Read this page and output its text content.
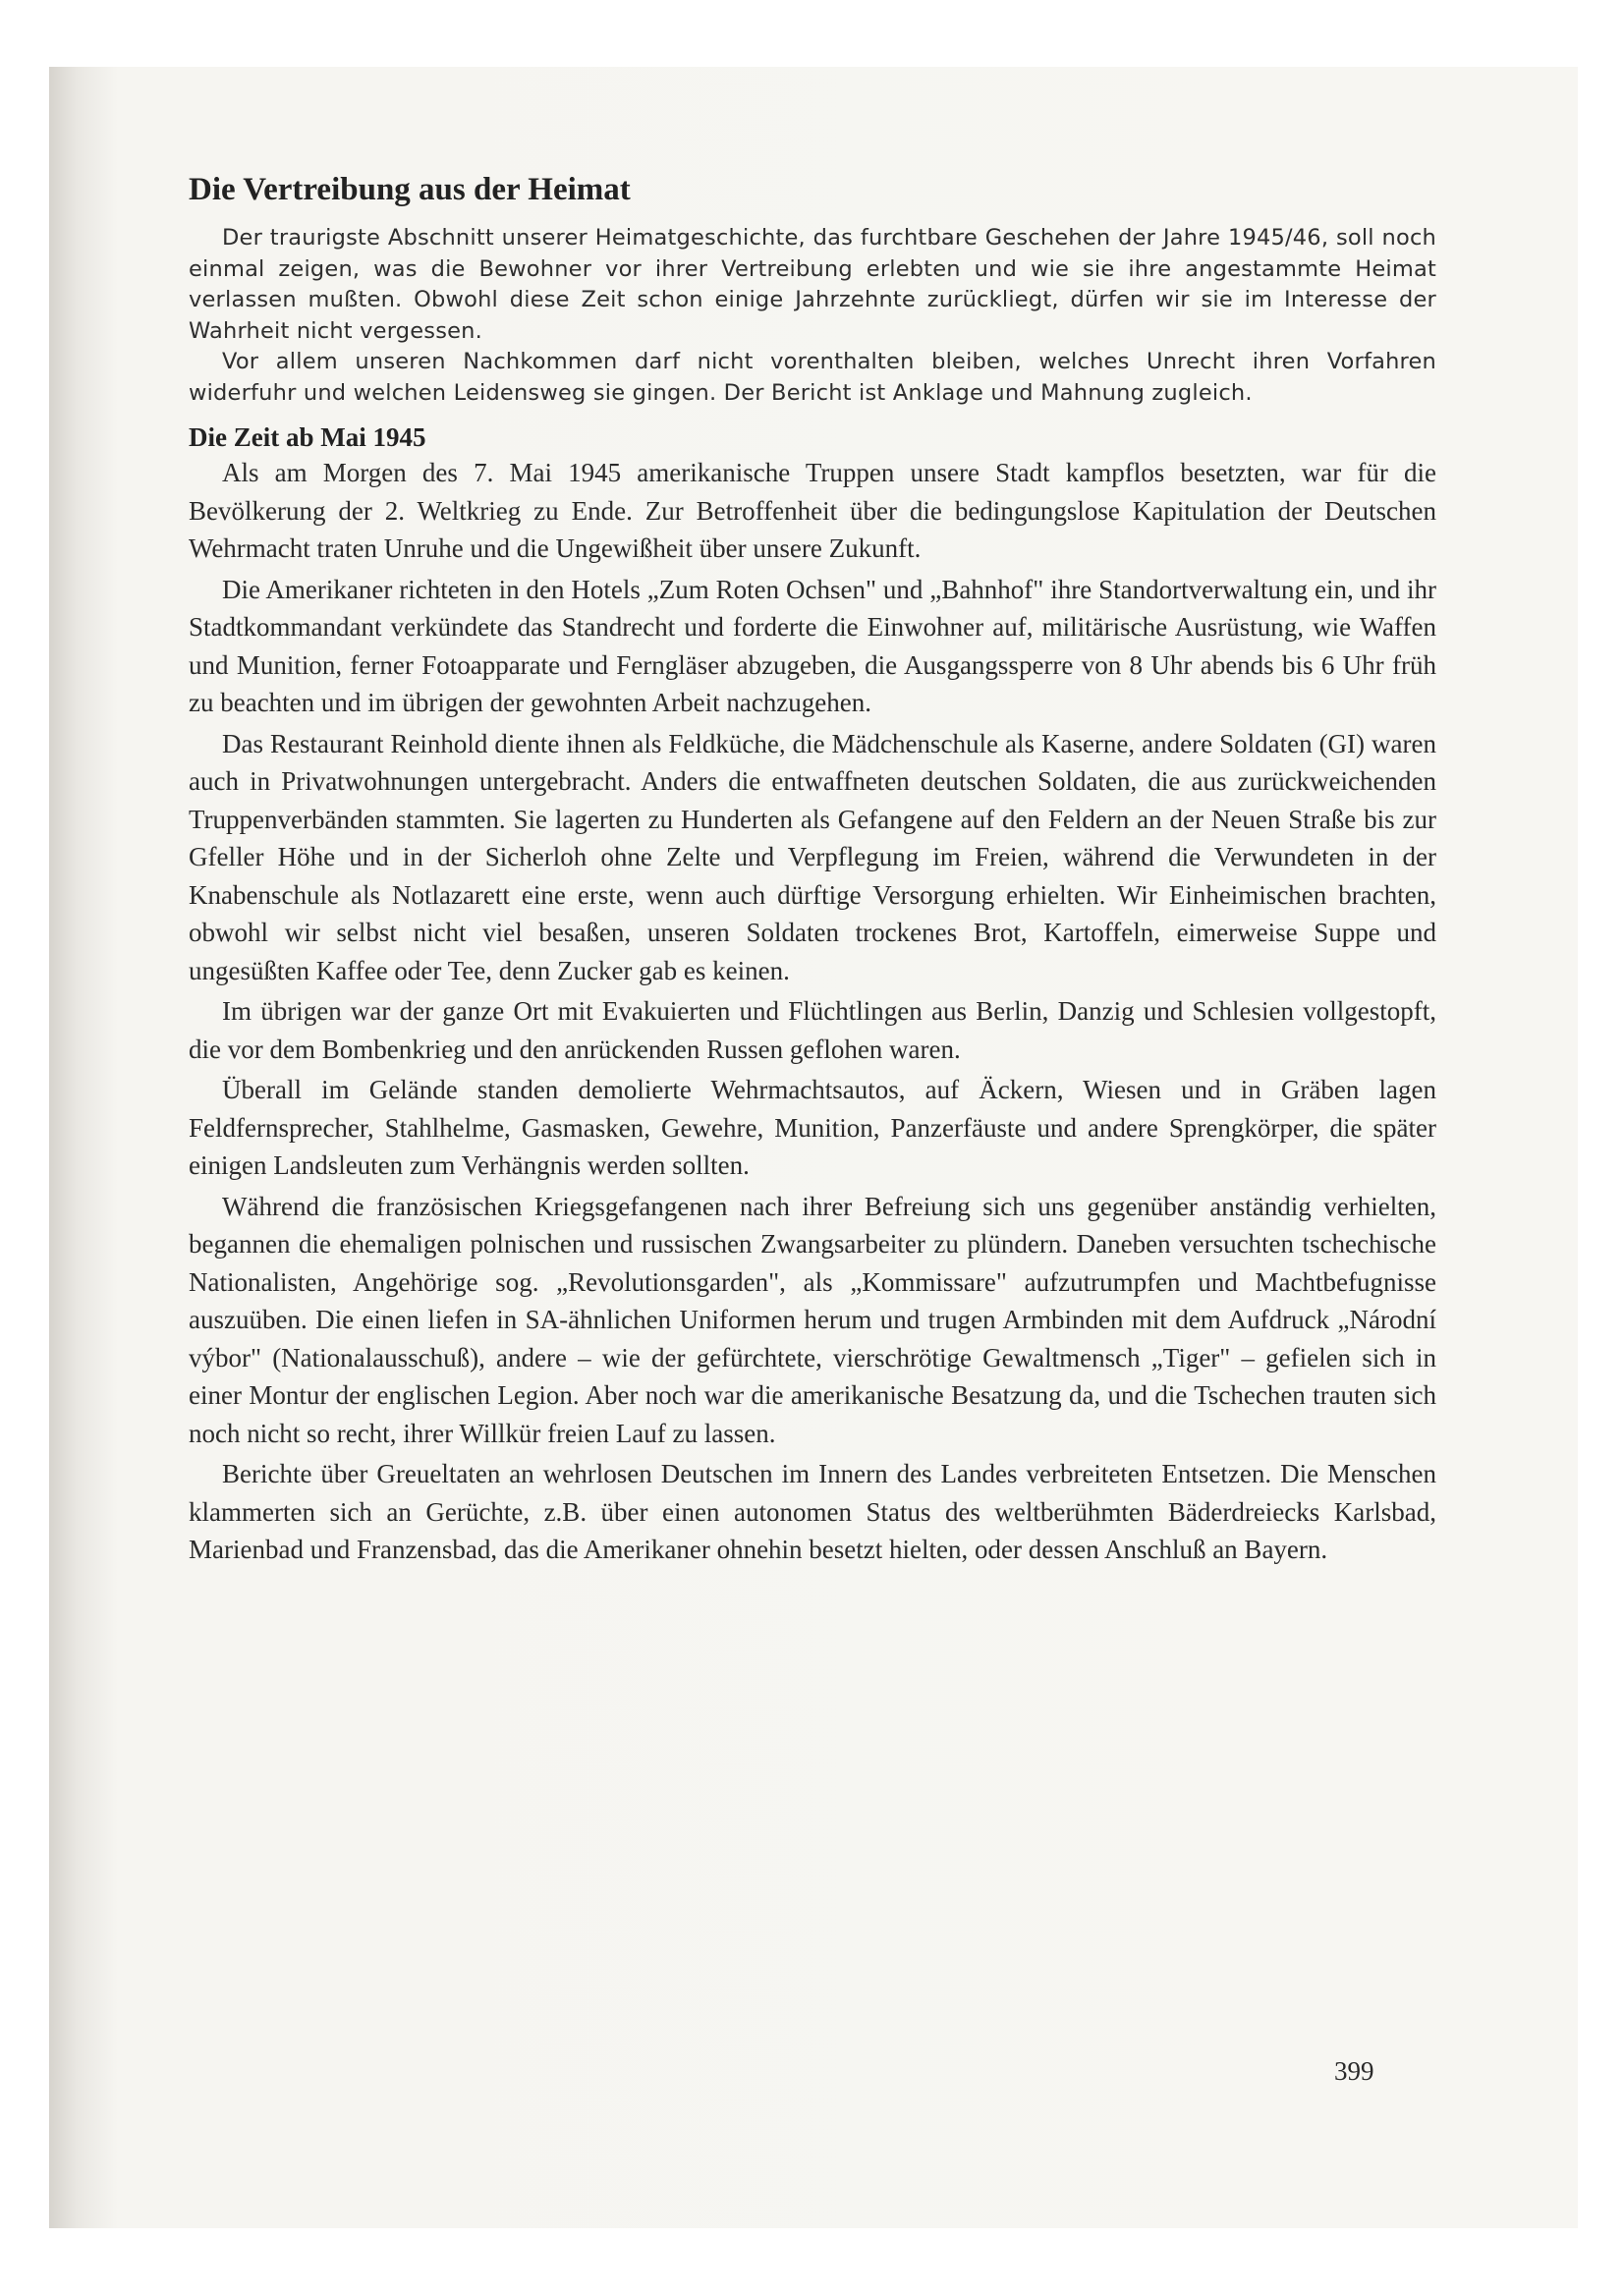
Die Vertreibung aus der Heimat

Der traurigste Abschnitt unserer Heimatgeschichte, das furchtbare Geschehen der Jahre 1945/46, soll noch einmal zeigen, was die Bewohner vor ihrer Vertreibung erlebten und wie sie ihre angestammte Heimat verlassen mußten. Obwohl diese Zeit schon einige Jahrzehnte zurückliegt, dürfen wir sie im Interesse der Wahrheit nicht vergessen.

Vor allem unseren Nachkommen darf nicht vorenthalten bleiben, welches Unrecht ihren Vorfahren widerfuhr und welchen Leidensweg sie gingen. Der Bericht ist Anklage und Mahnung zugleich.

Die Zeit ab Mai 1945

Als am Morgen des 7. Mai 1945 amerikanische Truppen unsere Stadt kampflos besetzten, war für die Bevölkerung der 2. Weltkrieg zu Ende. Zur Betroffenheit über die bedingungslose Kapitulation der Deutschen Wehrmacht traten Unruhe und die Ungewißheit über unsere Zukunft.

Die Amerikaner richteten in den Hotels „Zum Roten Ochsen" und „Bahnhof" ihre Standortverwaltung ein, und ihr Stadtkommandant verkündete das Standrecht und forderte die Einwohner auf, militärische Ausrüstung, wie Waffen und Munition, ferner Fotoapparate und Ferngläser abzugeben, die Ausgangssperre von 8 Uhr abends bis 6 Uhr früh zu beachten und im übrigen der gewohnten Arbeit nachzugehen.

Das Restaurant Reinhold diente ihnen als Feldküche, die Mädchenschule als Kaserne, andere Soldaten (GI) waren auch in Privatwohnungen untergebracht. Anders die entwaffneten deutschen Soldaten, die aus zurückweichenden Truppenverbänden stammten. Sie lagerten zu Hunderten als Gefangene auf den Feldern an der Neuen Straße bis zur Gfeller Höhe und in der Sicherloh ohne Zelte und Verpflegung im Freien, während die Verwundeten in der Knabenschule als Notlazarett eine erste, wenn auch dürftige Versorgung erhielten. Wir Einheimischen brachten, obwohl wir selbst nicht viel besaßen, unseren Soldaten trockenes Brot, Kartoffeln, eimerweise Suppe und ungesüßten Kaffee oder Tee, denn Zucker gab es keinen.

Im übrigen war der ganze Ort mit Evakuierten und Flüchtlingen aus Berlin, Danzig und Schlesien vollgestopft, die vor dem Bombenkrieg und den anrückenden Russen geflohen waren.

Überall im Gelände standen demolierte Wehrmachtsautos, auf Äckern, Wiesen und in Gräben lagen Feldfernsprecher, Stahlhelme, Gasmasken, Gewehre, Munition, Panzerfäuste und andere Sprengkörper, die später einigen Landsleuten zum Verhängnis werden sollten.

Während die französischen Kriegsgefangenen nach ihrer Befreiung sich uns gegenüber anständig verhielten, begannen die ehemaligen polnischen und russischen Zwangsarbeiter zu plündern. Daneben versuchten tschechische Nationalisten, Angehörige sog. „Revolutionsgarden", als „Kommissare" aufzutrumpfen und Machtbefugnisse auszuüben. Die einen liefen in SA-ähnlichen Uniformen herum und trugen Armbinden mit dem Aufdruck „Národní výbor" (Nationalausschuß), andere – wie der gefürchtete, vierschrötige Gewaltmensch „Tiger" – gefielen sich in einer Montur der englischen Legion. Aber noch war die amerikanische Besatzung da, und die Tschechen trauten sich noch nicht so recht, ihrer Willkür freien Lauf zu lassen.

Berichte über Greueltaten an wehrlosen Deutschen im Innern des Landes verbreiteten Entsetzen. Die Menschen klammerten sich an Gerüchte, z.B. über einen autonomen Status des weltberühmten Bäderdreiecks Karlsbad, Marienbad und Franzensbad, das die Amerikaner ohnehin besetzt hielten, oder dessen Anschluß an Bayern.

399
